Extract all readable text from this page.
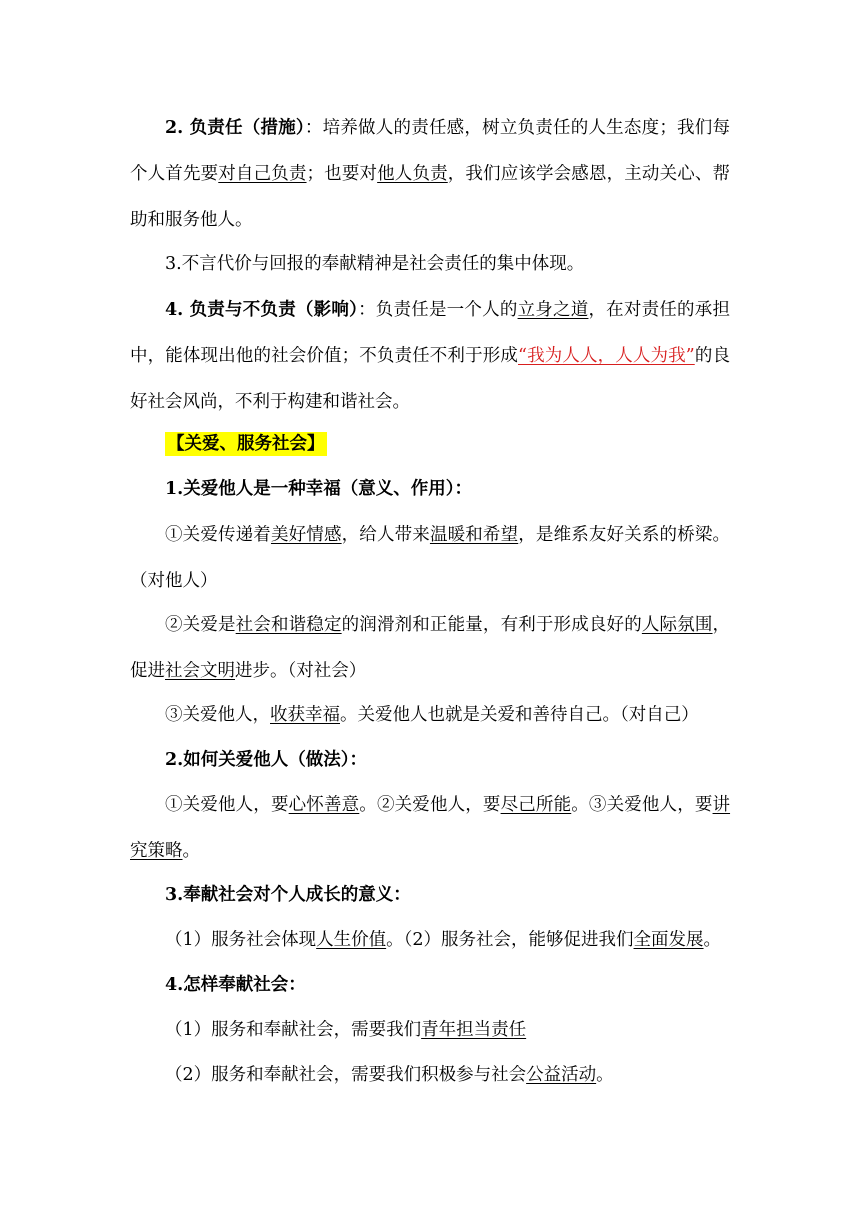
2. 负责任（措施）：培养做人的责任感，树立负责任的人生态度；我们每个人首先要对自己负责；也要对他人负责，我们应该学会感恩，主动关心、帮助和服务他人。

3.不言代价与回报的奉献精神是社会责任的集中体现。

4. 负责与不负责（影响）：负责任是一个人的立身之道，在对责任的承担中，能体现出他的社会价值；不负责任不利于形成“我为人人，人人为我”的良好社会风尚，不利于构建和谐社会。

【关爱、服务社会】

1.关爱他人是一种幸福（意义、作用）：

①关爱传递着美好情感，给人带来温暖和希望，是维系友好关系的桥梁。（对他人）

②关爱是社会和谐稳定的润滑剂和正能量，有利于形成良好的人际氛围，促进社会文明进步。（对社会）

③关爱他人，收获幸福。关爱他人也就是关爱和善待自己。（对自己）

2.如何关爱他人（做法）：

①关爱他人，要心怀善意。②关爱他人，要尽己所能。③关爱他人，要讲究策略。

3.奉献社会对个人成长的意义：

（1）服务社会体现人生价值。（2）服务社会，能够促进我们全面发展。

4.怎样奉献社会：

（1）服务和奉献社会，需要我们青年担当责任

（2）服务和奉献社会，需要我们积极参与社会公益活动。
